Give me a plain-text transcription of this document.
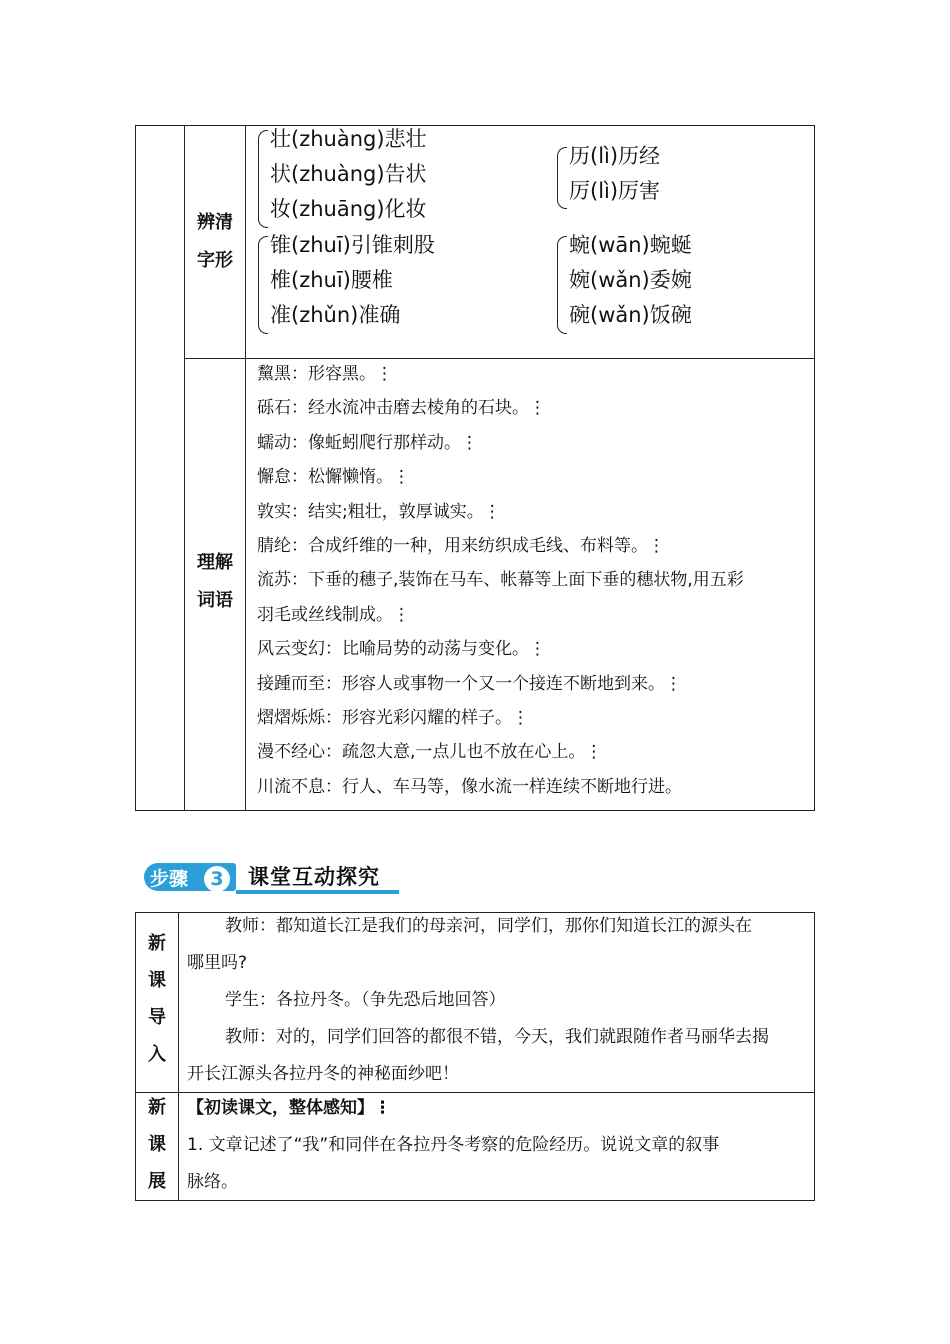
辨清
字形
理解
词语
壮(zhuàng)悲壮
状(zhuàng)告状
妆(zhuāng)化妆
历(lì)历经
厉(lì)厉害
锥(zhuī)引锥刺股
椎(zhuī)腰椎
准(zhǔn)准确
蜿(wān)蜿蜒
婉(wǎn)委婉
碗(wǎn)饭碗
黧黑：形容黑。⋮
砾石：经水流冲击磨去棱角的石块。⋮
蠕动：像蚯蚓爬行那样动。⋮
懈怠：松懈懒惰。⋮
敦实：结实;粗壮，敦厚诚实。⋮
腈纶：合成纤维的一种，用来纺织成毛线、布料等。⋮
流苏：下垂的穗子,装饰在马车、帐幕等上面下垂的穗状物,用五彩
羽毛或丝线制成。⋮
风云变幻：比喻局势的动荡与变化。⋮
接踵而至：形容人或事物一个又一个接连不断地到来。⋮
熠熠烁烁：形容光彩闪耀的样子。⋮
漫不经心：疏忽大意,一点儿也不放在心上。⋮
川流不息：行人、车马等，像水流一样连续不断地行进。
步骤	3	课堂互动探究
新
课
导
入
教师：都知道长江是我们的母亲河，同学们，那你们知道长江的源头在
哪里吗?
学生：各拉丹冬。（争先恐后地回答）
教师：对的，同学们回答的都很不错，今天，我们就跟随作者马丽华去揭
开长江源头各拉丹冬的神秘面纱吧！
新
课
展
【初读课文，整体感知】⋮
1. 文章记述了“我”和同伴在各拉丹冬考察的危险经历。说说文章的叙事
脉络。
